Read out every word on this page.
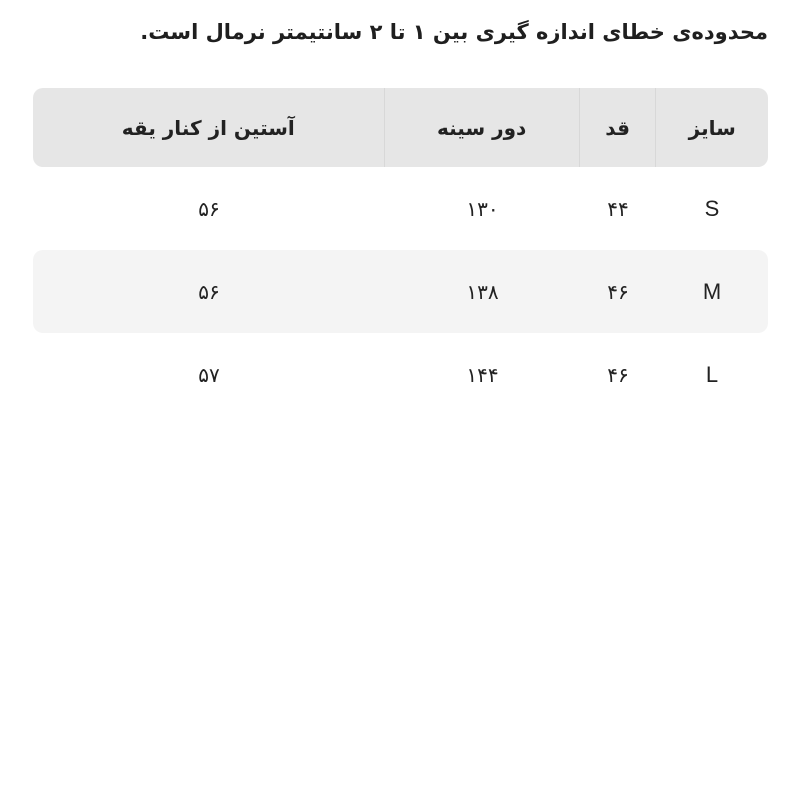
محدوده‌ی خطای اندازه گیری بین ۱ تا ۲ سانتیمتر نرمال است.
سایز
قد
دور سینه
آستین از کنار یقه
S
۴۴
۱۳۰
۵۶
M
۴۶
۱۳۸
۵۶
L
۴۶
۱۴۴
۵۷
